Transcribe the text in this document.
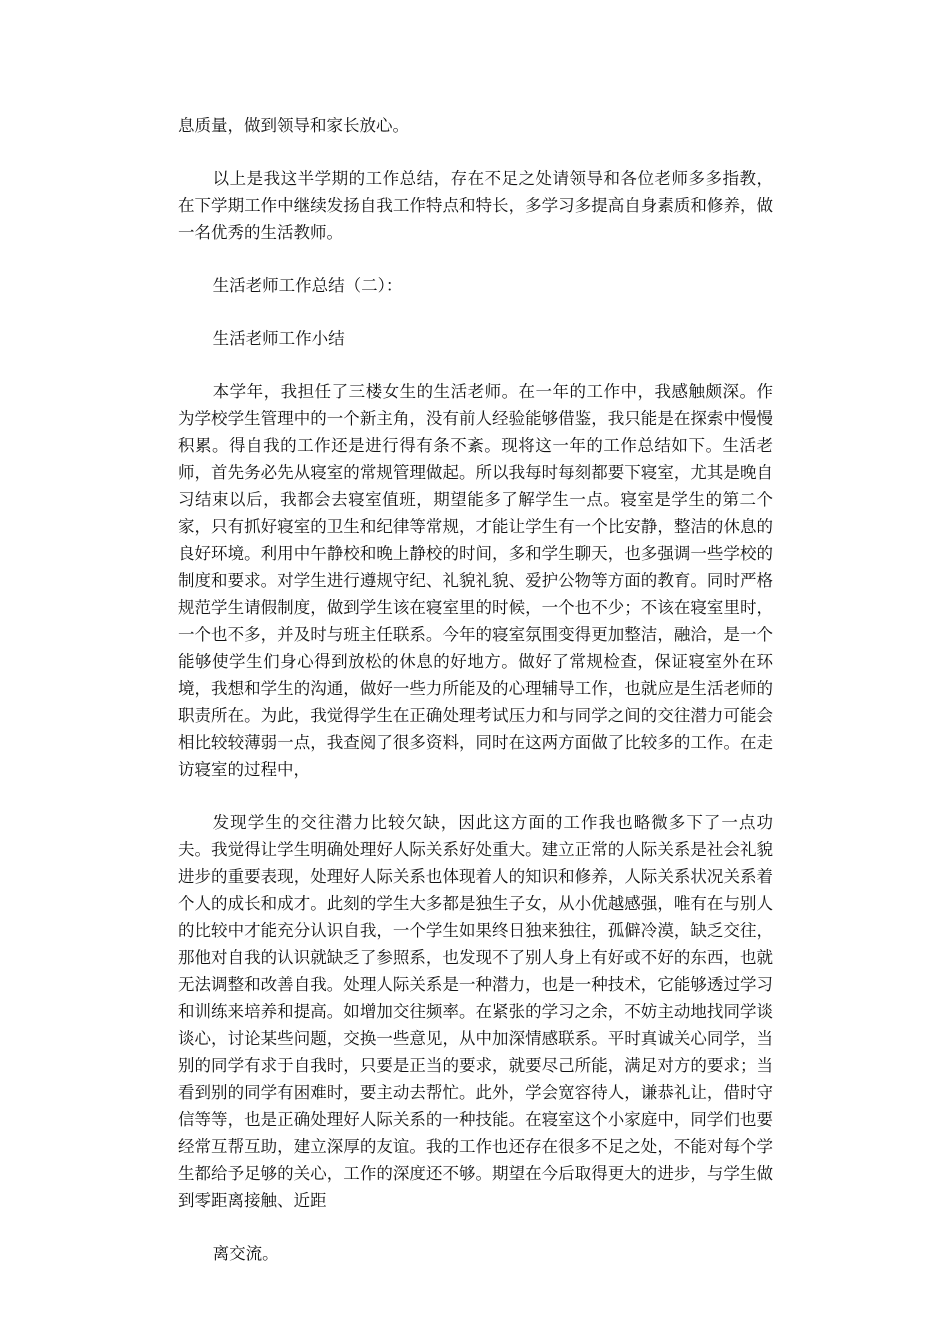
息质量，做到领导和家长放心。

以上是我这半学期的工作总结，存在不足之处请领导和各位老师多多指教，在下学期工作中继续发扬自我工作特点和特长，多学习多提高自身素质和修养，做一名优秀的生活教师。

生活老师工作总结（二）：

生活老师工作小结

本学年，我担任了三楼女生的生活老师。在一年的工作中，我感触颇深。作为学校学生管理中的一个新主角，没有前人经验能够借鉴，我只能是在探索中慢慢积累。得自我的工作还是进行得有条不紊。现将这一年的工作总结如下。生活老师，首先务必先从寝室的常规管理做起。所以我每时每刻都要下寝室，尤其是晚自习结束以后，我都会去寝室值班，期望能多了解学生一点。寝室是学生的第二个家，只有抓好寝室的卫生和纪律等常规，才能让学生有一个比安静，整洁的休息的良好环境。利用中午静校和晚上静校的时间，多和学生聊天，也多强调一些学校的制度和要求。对学生进行遵规守纪、礼貌礼貌、爱护公物等方面的教育。同时严格规范学生请假制度，做到学生该在寝室里的时候，一个也不少；不该在寝室里时，一个也不多，并及时与班主任联系。今年的寝室氛围变得更加整洁，融洽，是一个能够使学生们身心得到放松的休息的好地方。做好了常规检查，保证寝室外在环境，我想和学生的沟通，做好一些力所能及的心理辅导工作，也就应是生活老师的职责所在。为此，我觉得学生在正确处理考试压力和与同学之间的交往潜力可能会相比较较薄弱一点，我查阅了很多资料，同时在这两方面做了比较多的工作。在走访寝室的过程中，

发现学生的交往潜力比较欠缺，因此这方面的工作我也略微多下了一点功夫。我觉得让学生明确处理好人际关系好处重大。建立正常的人际关系是社会礼貌进步的重要表现，处理好人际关系也体现着人的知识和修养，人际关系状况关系着个人的成长和成才。此刻的学生大多都是独生子女，从小优越感强，唯有在与别人的比较中才能充分认识自我，一个学生如果终日独来独往，孤僻冷漠，缺乏交往，那他对自我的认识就缺乏了参照系，也发现不了别人身上有好或不好的东西，也就无法调整和改善自我。处理人际关系是一种潜力，也是一种技术，它能够透过学习和训练来培养和提高。如增加交往频率。在紧张的学习之余，不妨主动地找同学谈谈心，讨论某些问题，交换一些意见，从中加深情感联系。平时真诚关心同学，当别的同学有求于自我时，只要是正当的要求，就要尽己所能，满足对方的要求；当看到别的同学有困难时，要主动去帮忙。此外，学会宽容待人，谦恭礼让，借时守信等等，也是正确处理好人际关系的一种技能。在寝室这个小家庭中，同学们也要经常互帮互助，建立深厚的友谊。我的工作也还存在很多不足之处，不能对每个学生都给予足够的关心，工作的深度还不够。期望在今后取得更大的进步，与学生做到零距离接触、近距

离交流。
